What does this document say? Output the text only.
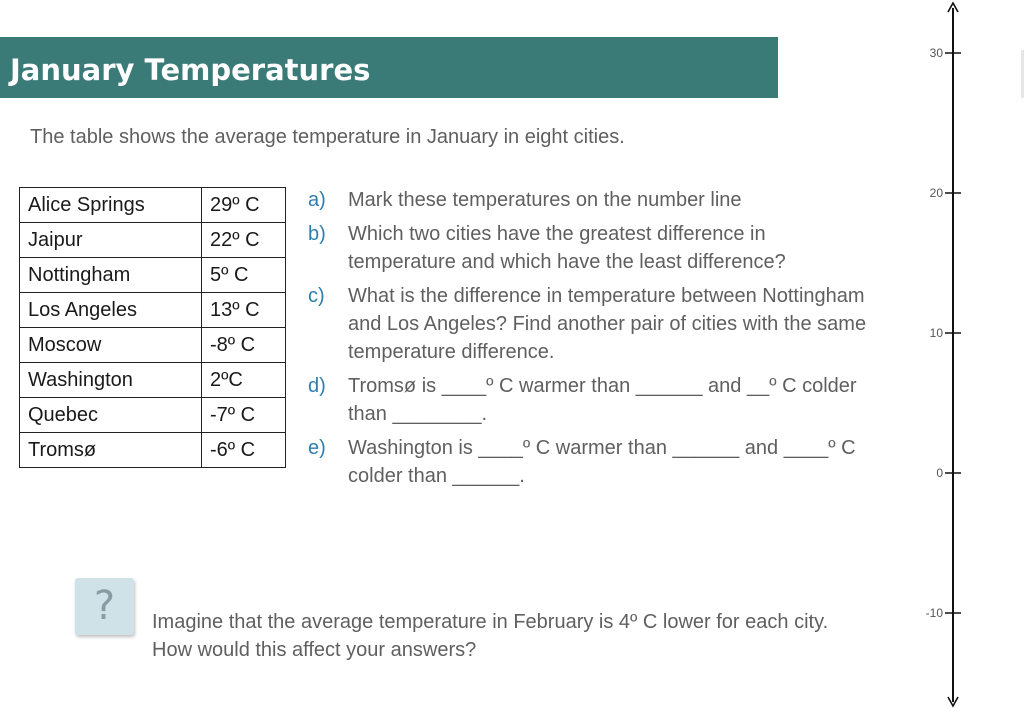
January Temperatures
The table shows the average temperature in January in eight cities.
Alice Springs	29º C
Jaipur	22º C
Nottingham	5º C
Los Angeles	13º C
Moscow	-8º C
Washington	2ºC
Quebec	-7º C
Tromsø	-6º C
a)	Mark these temperatures on the number line
b)	Which two cities have the greatest difference in temperature and which have the least difference?
c)	What is the difference in temperature between Nottingham and Los Angeles? Find another pair of cities with the same temperature difference.
d)	Tromsø is ____º C warmer than ______ and __º C colder than ________.
e)	Washington is ____º C warmer than ______ and ____º C colder than ______.
?	Imagine that the average temperature in February is 4º C lower for each city. How would this affect your answers?
30
20
10
0
-10
